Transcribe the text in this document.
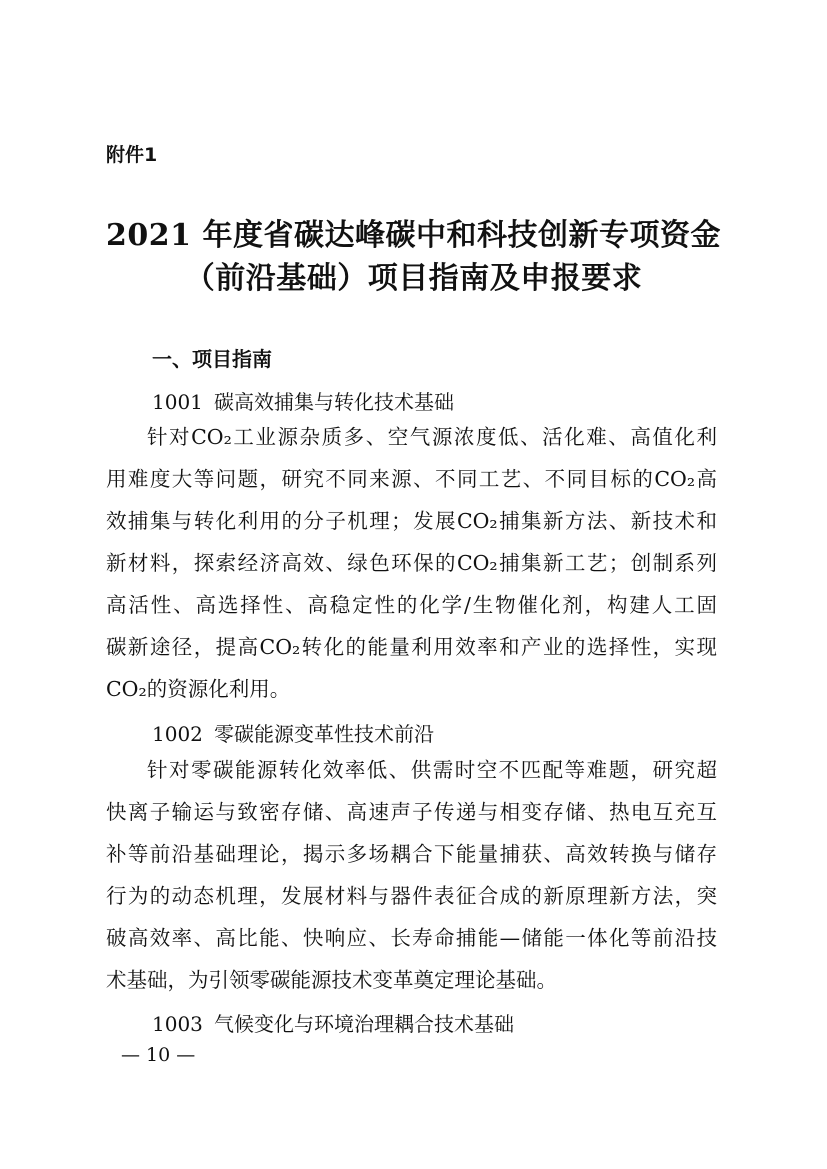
附件1
2021 年度省碳达峰碳中和科技创新专项资金
（前沿基础）项目指南及申报要求
一、项目指南
1001 碳高效捕集与转化技术基础
针对CO₂工业源杂质多、空气源浓度低、活化难、高值化利
用难度大等问题，研究不同来源、不同工艺、不同目标的CO₂高
效捕集与转化利用的分子机理；发展CO₂捕集新方法、新技术和
新材料，探索经济高效、绿色环保的CO₂捕集新工艺；创制系列
高活性、高选择性、高稳定性的化学/生物催化剂，构建人工固
碳新途径，提高CO₂转化的能量利用效率和产业的选择性，实现
CO₂的资源化利用。
1002 零碳能源变革性技术前沿
针对零碳能源转化效率低、供需时空不匹配等难题，研究超
快离子输运与致密存储、高速声子传递与相变存储、热电互充互
补等前沿基础理论，揭示多场耦合下能量捕获、高效转换与储存
行为的动态机理，发展材料与器件表征合成的新原理新方法，突
破高效率、高比能、快响应、长寿命捕能—储能一体化等前沿技
术基础，为引领零碳能源技术变革奠定理论基础。
1003 气候变化与环境治理耦合技术基础
— 10 —
